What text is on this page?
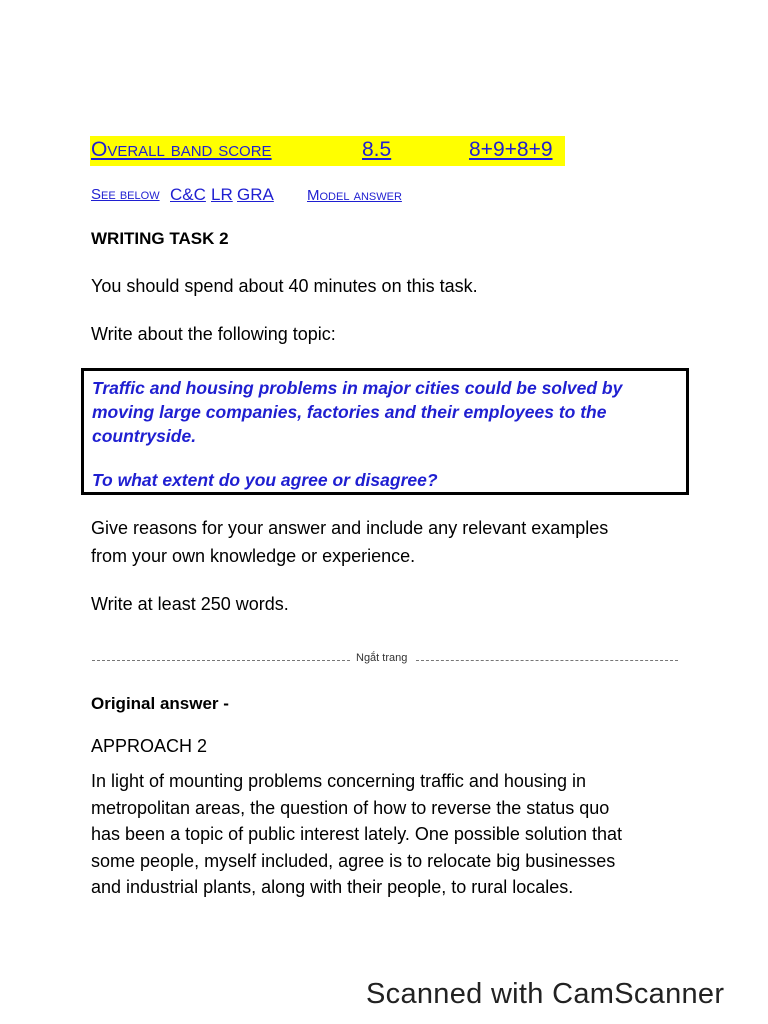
Overall band score	8.5	8+9+8+9
See below C&C LR GRA Model answer
WRITING TASK 2
You should spend about 40 minutes on this task.
Write about the following topic:
Traffic and housing problems in major cities could be solved by
moving large companies, factories and their employees to the
countryside.
To what extent do you agree or disagree?
Give reasons for your answer and include any relevant examples
from your own knowledge or experience.
Write at least 250 words.
Ngắt trang
Original answer -
APPROACH 2
In light of mounting problems concerning traffic and housing in
metropolitan areas, the question of how to reverse the status quo
has been a topic of public interest lately. One possible solution that
some people, myself included, agree is to relocate big businesses
and industrial plants, along with their people, to rural locales.
Scanned with CamScanner
